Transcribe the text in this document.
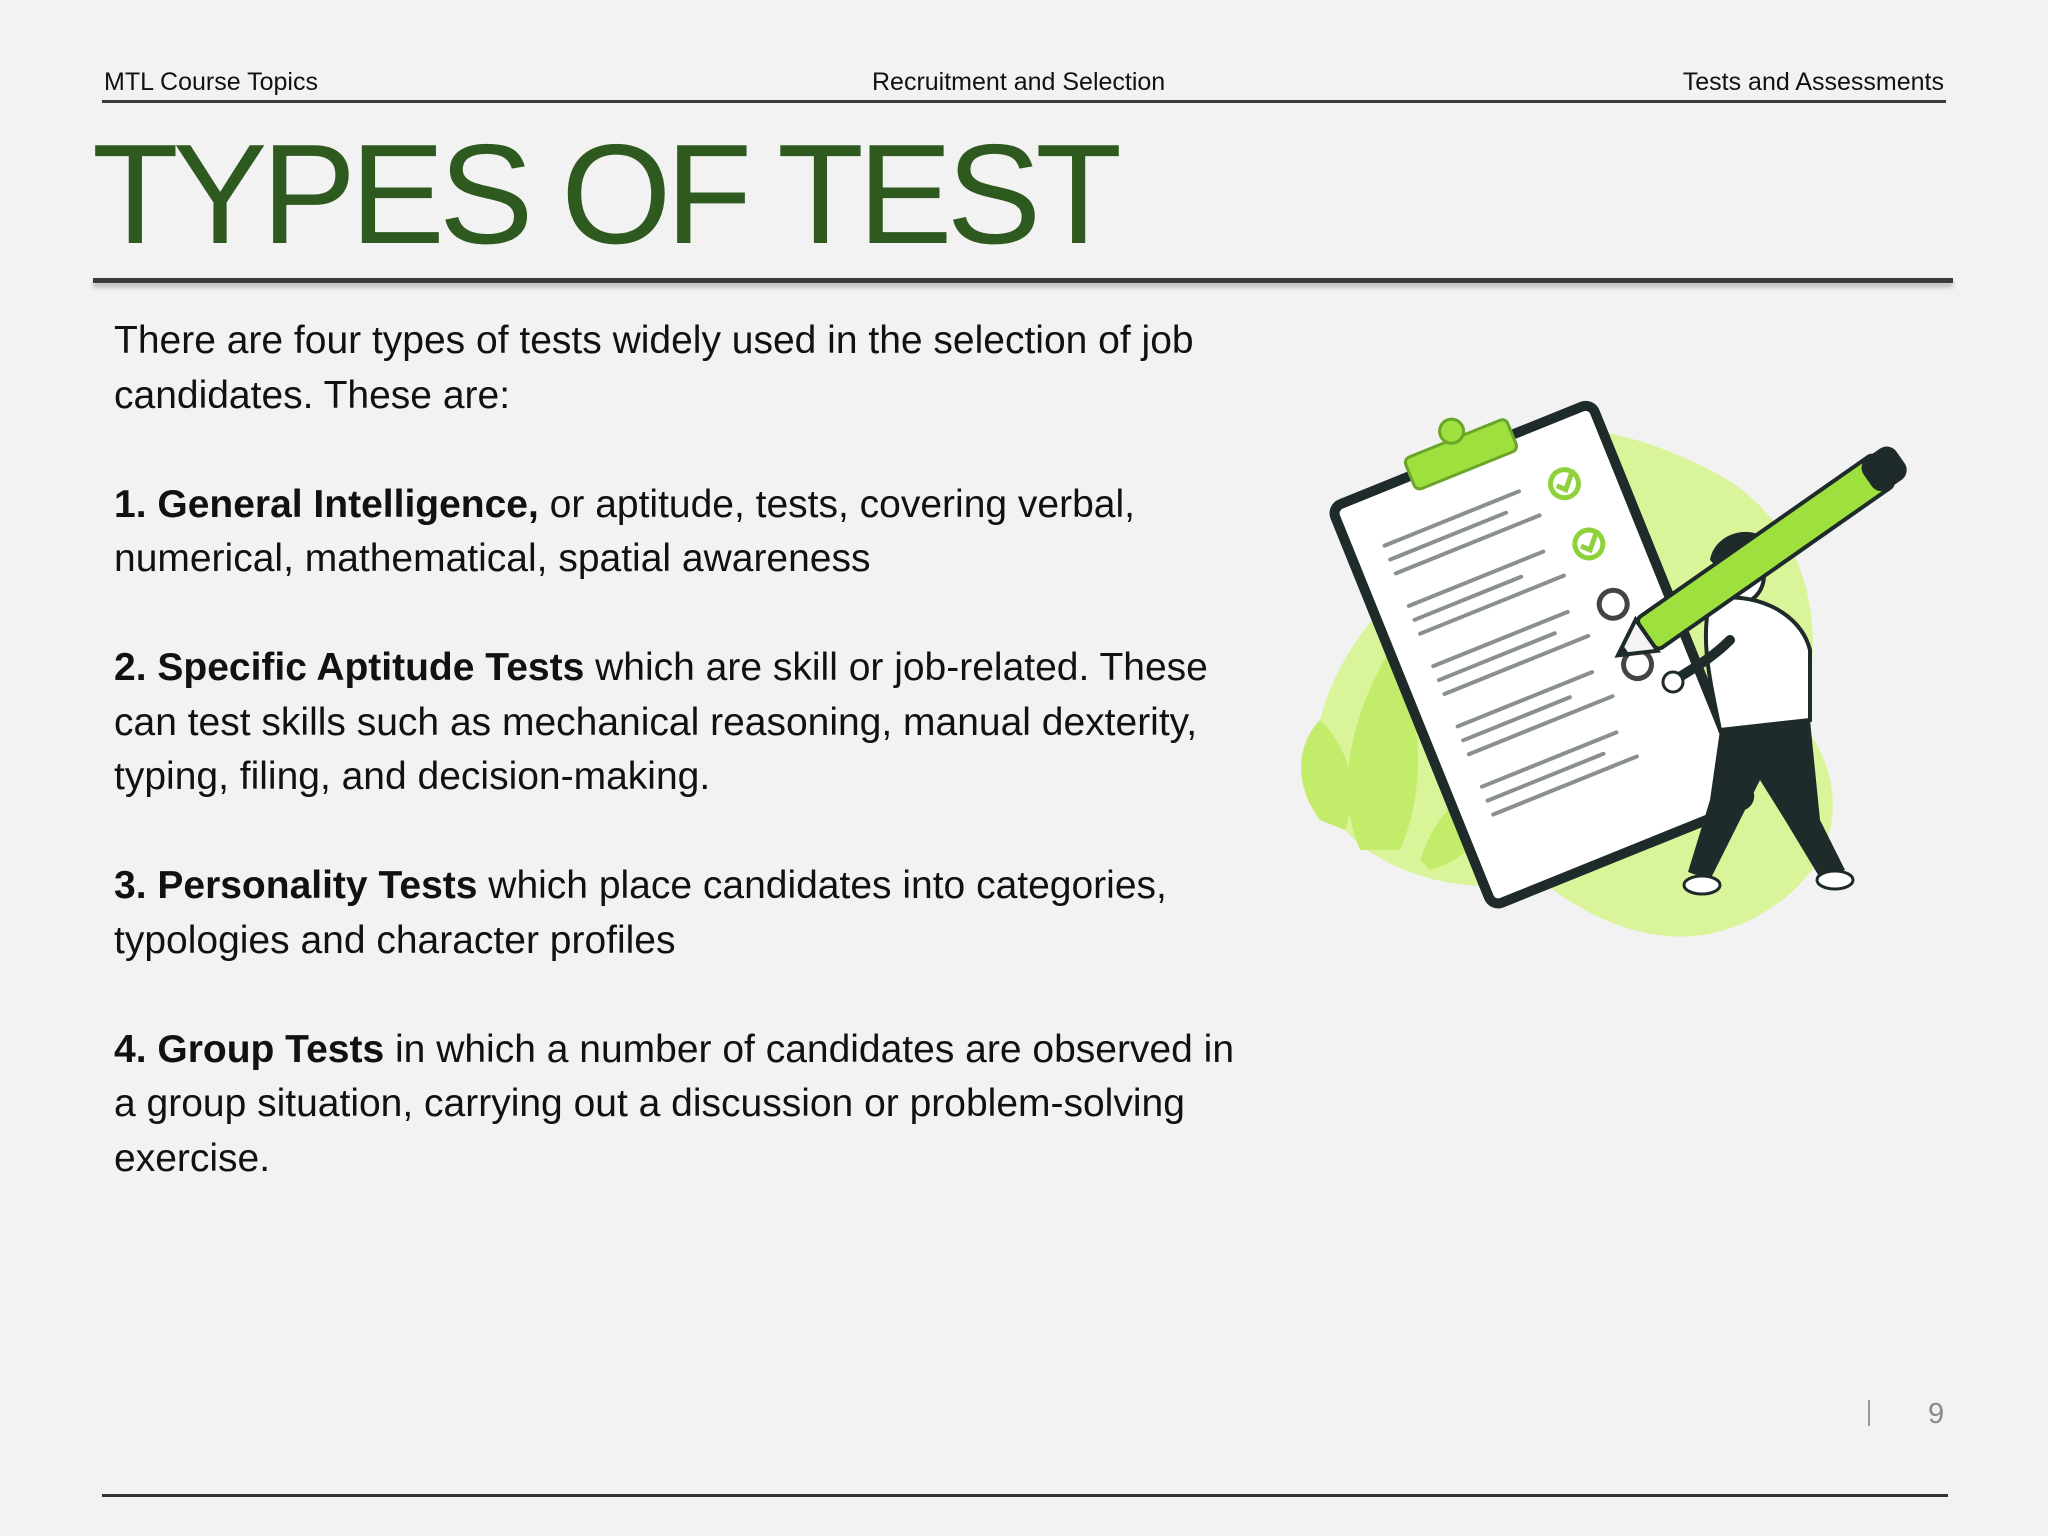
MTL Course Topics	Recruitment and Selection	Tests and Assessments
TYPES OF TEST

There are four types of tests widely used in the selection of job candidates. These are:

1. General Intelligence, or aptitude, tests, covering verbal, numerical, mathematical, spatial awareness

2. Specific Aptitude Tests which are skill or job-related. These can test skills such as mechanical reasoning, manual dexterity, typing, filing, and decision-making.

3. Personality Tests which place candidates into categories, typologies and character profiles

4. Group Tests in which a number of candidates are observed in a group situation, carrying out a discussion or problem-solving exercise.

9
